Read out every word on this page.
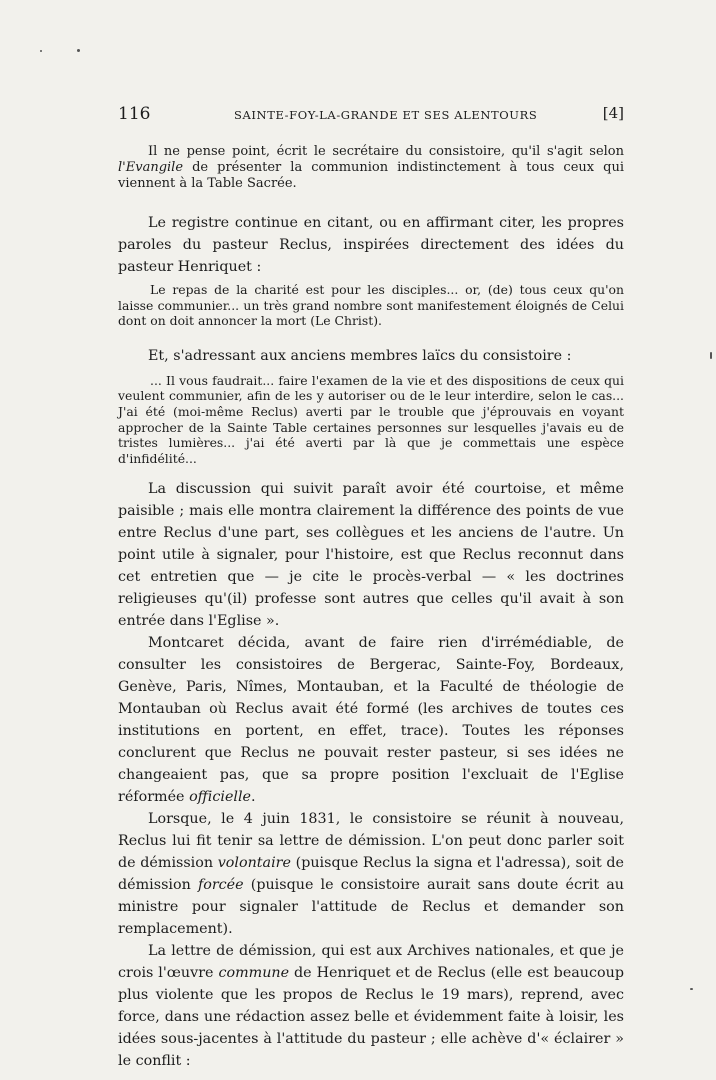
116	SAINTE-FOY-LA-GRANDE ET SES ALENTOURS	[4]

Il ne pense point, écrit le secrétaire du consistoire, qu'il s'agit selon l'Evangile de présenter la communion indistinctement à tous ceux qui viennent à la Table Sacrée.

Le registre continue en citant, ou en affirmant citer, les propres paroles du pasteur Reclus, inspirées directement des idées du pasteur Henriquet :

Le repas de la charité est pour les disciples... or, (de) tous ceux qu'on laisse communier... un très grand nombre sont manifestement éloignés de Celui dont on doit annoncer la mort (Le Christ).

Et, s'adressant aux anciens membres laïcs du consistoire :

... Il vous faudrait... faire l'examen de la vie et des dispositions de ceux qui veulent communier, afin de les y autoriser ou de le leur interdire, selon le cas... J'ai été (moi-même Reclus) averti par le trouble que j'éprouvais en voyant approcher de la Sainte Table certaines personnes sur lesquelles j'avais eu de tristes lumières... j'ai été averti par là que je commettais une espèce d'infidélité...

La discussion qui suivit paraît avoir été courtoise, et même paisible ; mais elle montra clairement la différence des points de vue entre Reclus d'une part, ses collègues et les anciens de l'autre. Un point utile à signaler, pour l'histoire, est que Reclus reconnut dans cet entretien que — je cite le procès-verbal — « les doctrines religieuses qu'(il) professe sont autres que celles qu'il avait à son entrée dans l'Eglise ».

Montcaret décida, avant de faire rien d'irrémédiable, de consulter les consistoires de Bergerac, Sainte-Foy, Bordeaux, Genève, Paris, Nîmes, Montauban, et la Faculté de théologie de Montauban où Reclus avait été formé (les archives de toutes ces institutions en portent, en effet, trace). Toutes les réponses conclurent que Reclus ne pouvait rester pasteur, si ses idées ne changeaient pas, que sa propre position l'excluait de l'Eglise réformée officielle.

Lorsque, le 4 juin 1831, le consistoire se réunit à nouveau, Reclus lui fit tenir sa lettre de démission. L'on peut donc parler soit de démission volontaire (puisque Reclus la signa et l'adressa), soit de démission forcée (puisque le consistoire aurait sans doute écrit au ministre pour signaler l'attitude de Reclus et demander son remplacement).

La lettre de démission, qui est aux Archives nationales, et que je crois l'œuvre commune de Henriquet et de Reclus (elle est beaucoup plus violente que les propos de Reclus le 19 mars), reprend, avec force, dans une rédaction assez belle et évidemment faite à loisir, les idées sous-jacentes à l'attitude du pasteur ; elle achève d'« éclairer » le conflit :
